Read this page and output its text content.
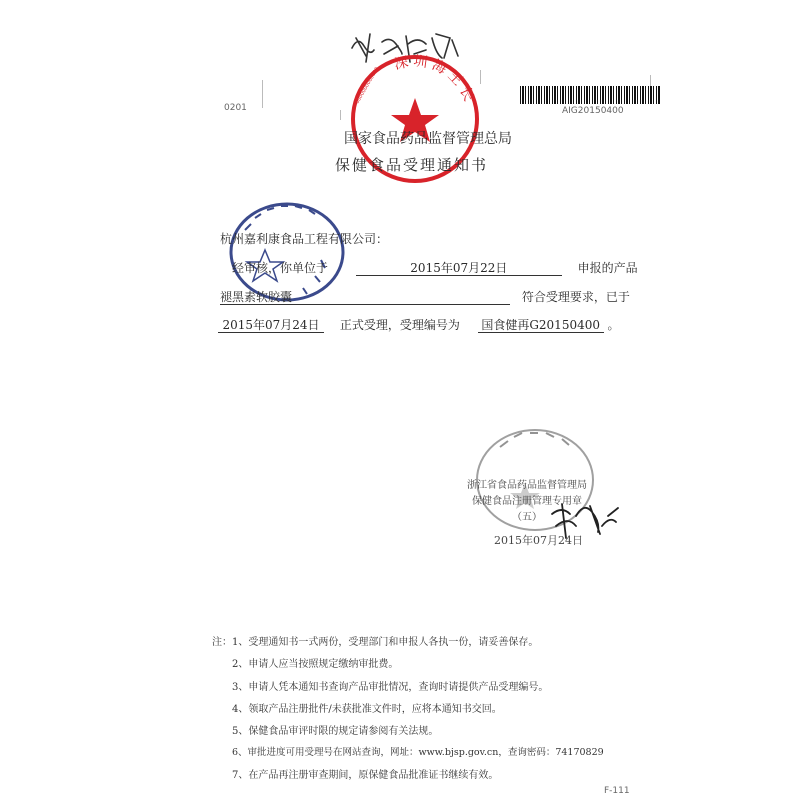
0201	AIG20150400
深圳海王长
0000000000000
国家食品药品监督管理总局
保健食品受理通知书
杭州嘉利康食品工程有限公司：
经审核，你单位于	2015年07月22日	申报的产品
褪黑素软胶囊	符合受理要求，已于
2015年07月24日 正式受理，受理编号为 国食健再G20150400 。
浙江省食品药品监督管理局
保健食品注册管理专用章
（五）
2015年07月24日
注： 1、受理通知书一式两份，受理部门和申报人各执一份，请妥善保存。
2、申请人应当按照规定缴纳审批费。
3、申请人凭本通知书查询产品审批情况，查询时请提供产品受理编号。
4、领取产品注册批件/未获批准文件时，应将本通知书交回。
5、保健食品审评时限的规定请参阅有关法规。
6、审批进度可用受理号在网站查询，网址：www.bjsp.gov.cn，查询密码：74170829
7、在产品再注册审查期间，原保健食品批准证书继续有效。
F-111
